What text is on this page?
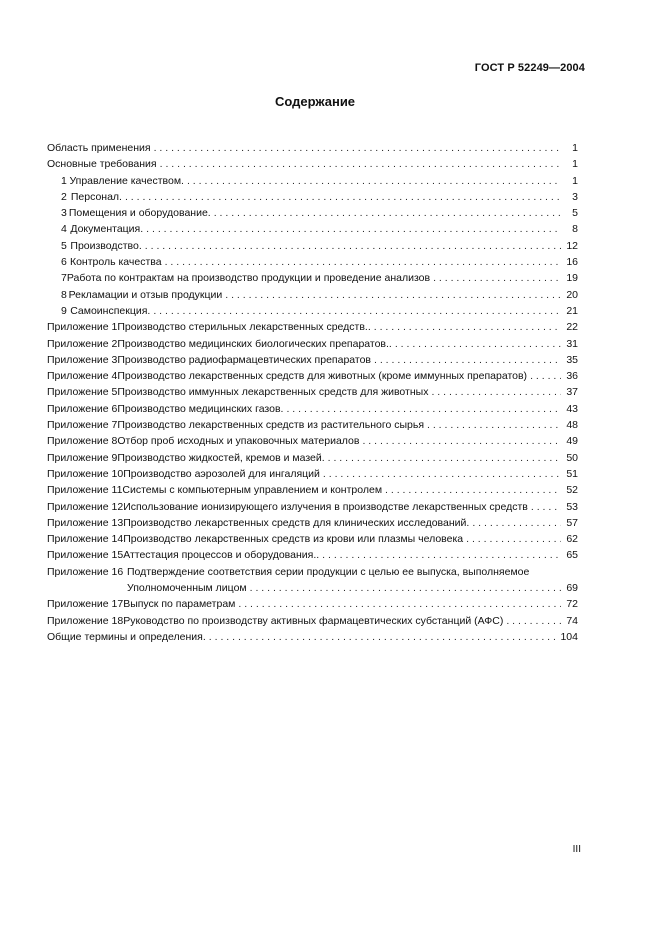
ГОСТ Р 52249—2004
Содержание
Область применения . . .	1
Основные требования . . .	1
1 Управление качеством. . . .	1
2 Персонал. . . .	3
3 Помещения и оборудование. . . .	5
4 Документация. . . .	8
5 Производство. . . .	12
6 Контроль качества . . .	16
7 Работа по контрактам на производство продукции и проведение анализов . . .	19
8 Рекламации и отзыв продукции . . .	20
9 Самоинспекция. . . .	21
Приложение 1 Производство стерильных лекарственных средств.. . . .	22
Приложение 2 Производство медицинских биологических препаратов.. . . .	31
Приложение 3 Производство радиофармацевтических препаратов . . .	35
Приложение 4 Производство лекарственных средств для животных (кроме иммунных препаратов) . . .	36
Приложение 5 Производство иммунных лекарственных средств для животных . . .	37
Приложение 6 Производство медицинских газов. . . .	43
Приложение 7 Производство лекарственных средств из растительного сырья . . .	48
Приложение 8 Отбор проб исходных и упаковочных материалов . . .	49
Приложение 9 Производство жидкостей, кремов и мазей. . . .	50
Приложение 10 Производство аэрозолей для ингаляций . . .	51
Приложение 11 Системы с компьютерным управлением и контролем . . .	52
Приложение 12 Использование ионизирующего излучения в производстве лекарственных средств . . .	53
Приложение 13 Производство лекарственных средств для клинических исследований. . . .	57
Приложение 14 Производство лекарственных средств из крови или плазмы человека . . .	62
Приложение 15 Аттестация процессов и оборудования.. . . .	65
Приложение 16 Подтверждение соответствия серии продукции с целью ее выпуска, выполняемое
Уполномоченным лицом . . .	69
Приложение 17 Выпуск по параметрам . . .	72
Приложение 18 Руководство по производству активных фармацевтических субстанций (АФС) . . .	74
Общие термины и определения. . . .	104
III
